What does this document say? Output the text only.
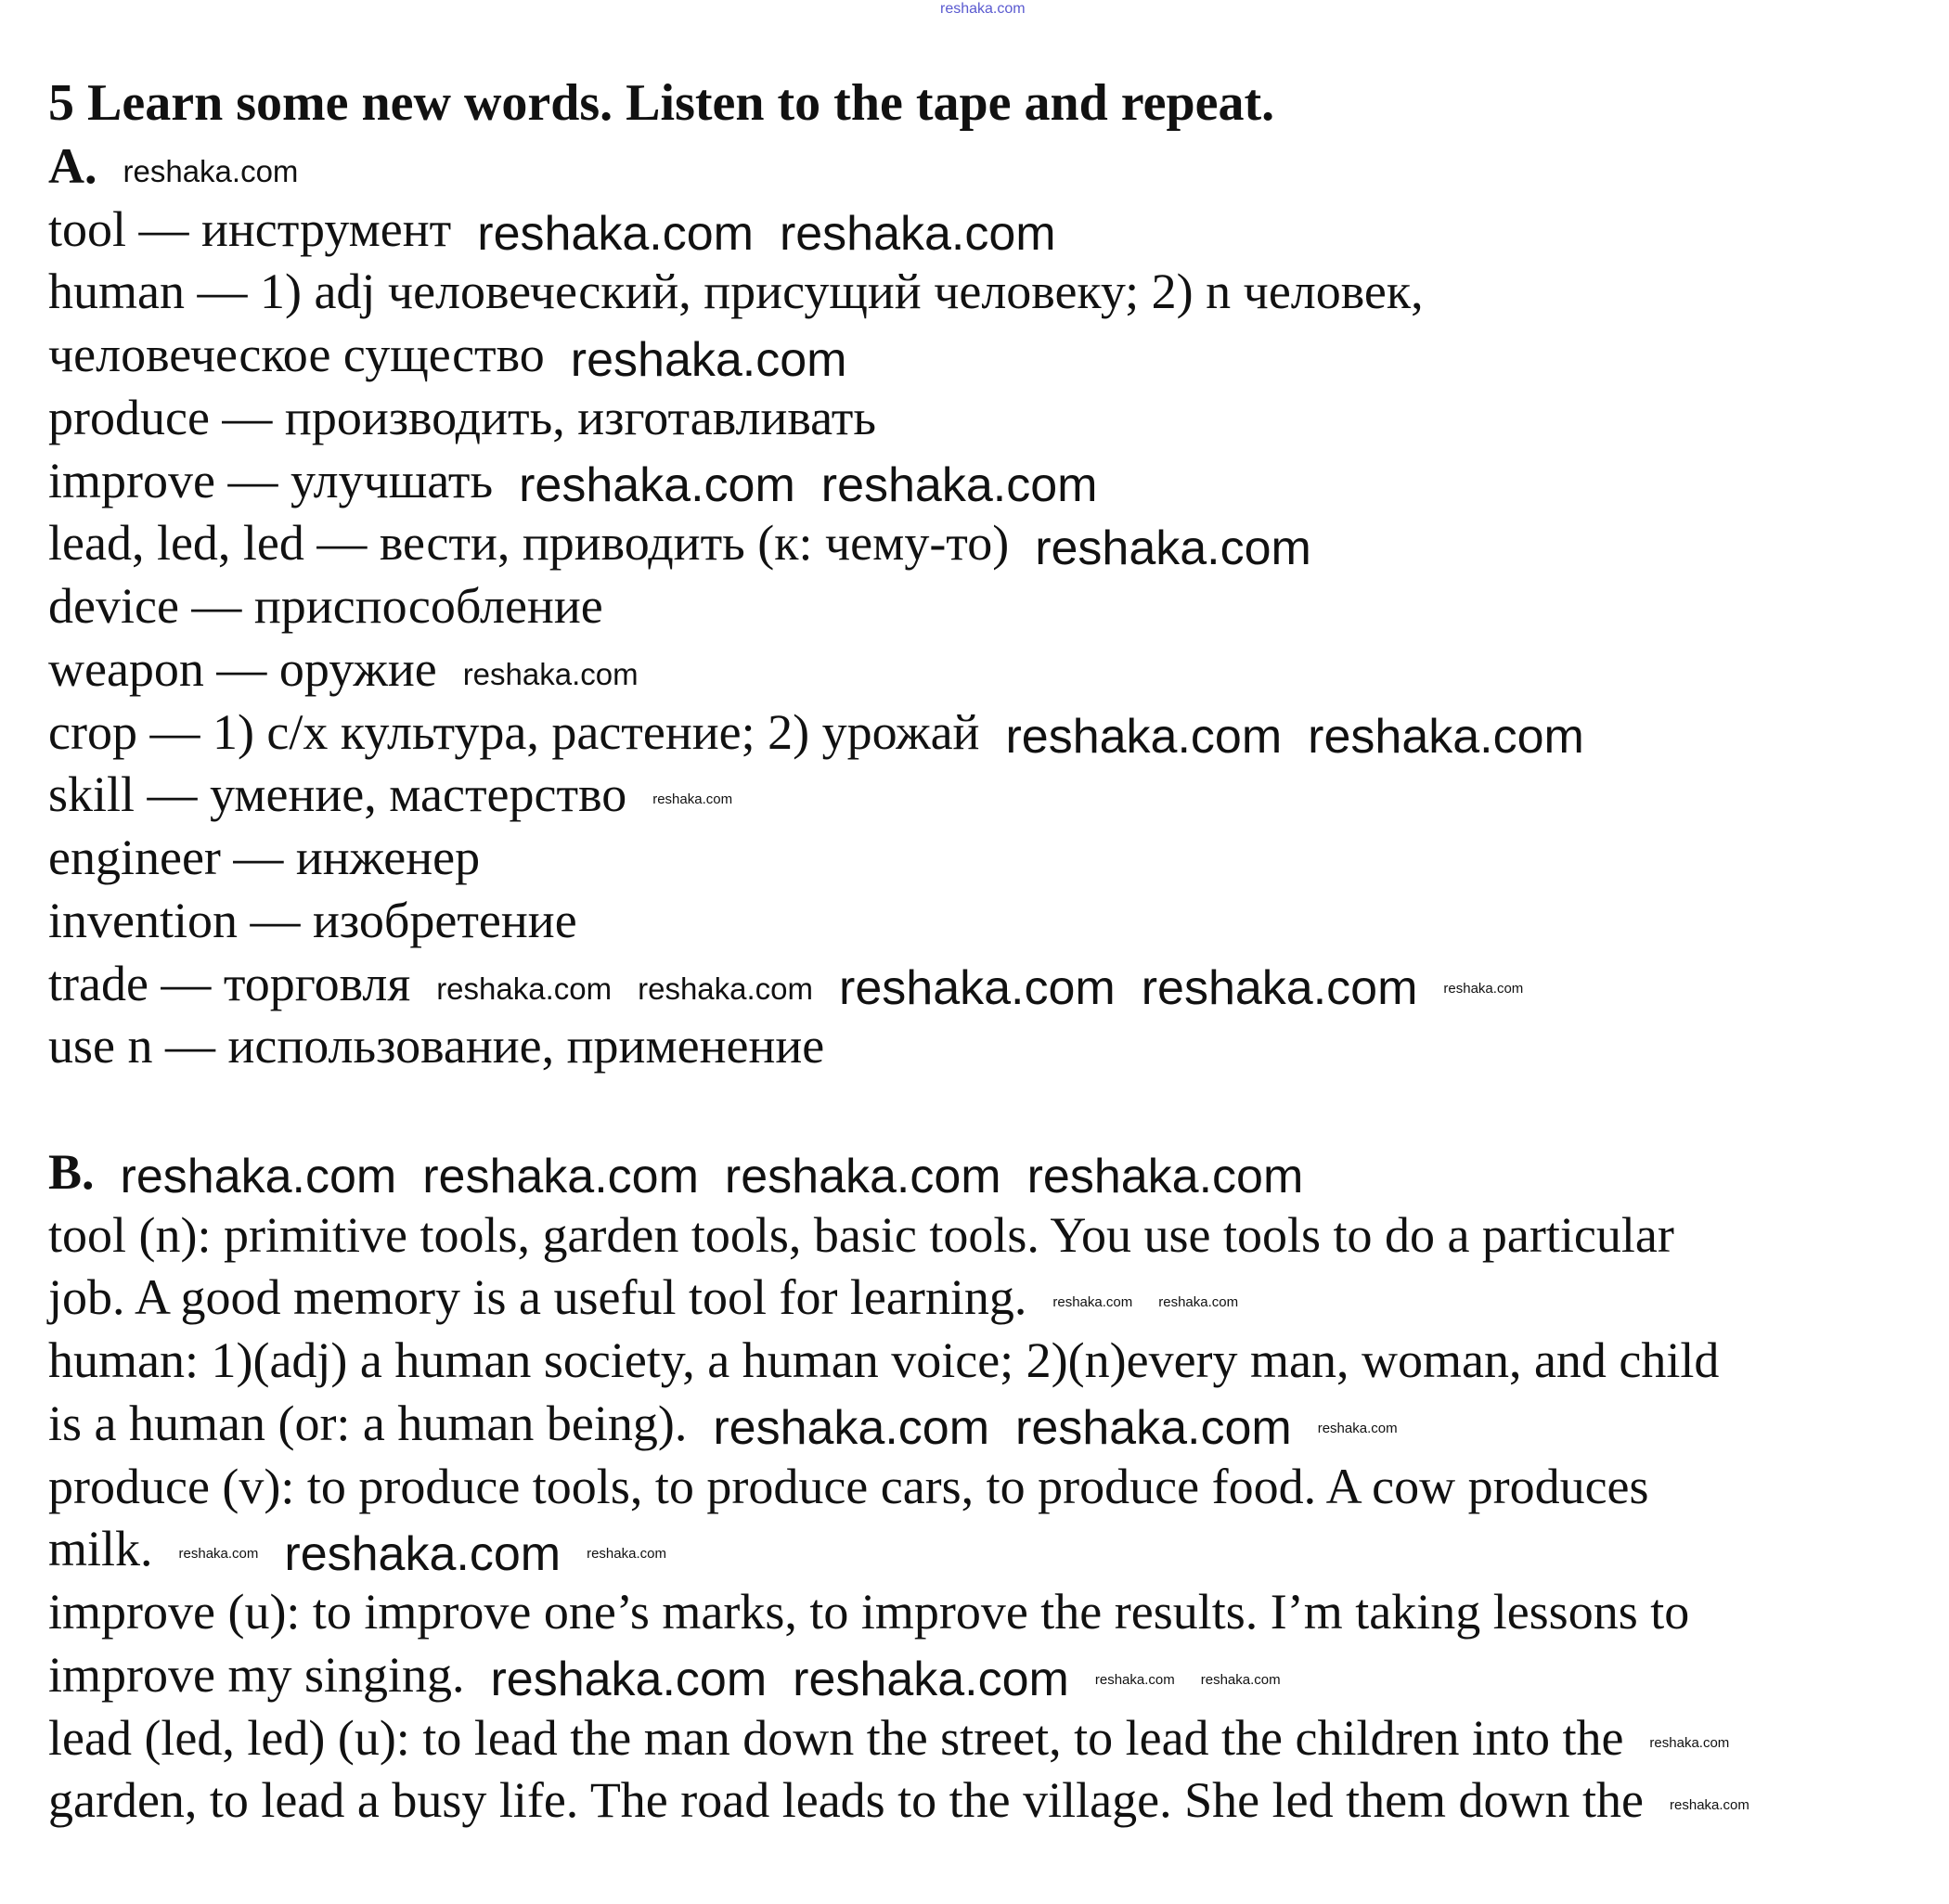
reshaka.com
5 Learn some new words. Listen to the tape and repeat.
A. reshaka.com
tool — инструмент reshaka.com reshaka.com
human — 1) adj человеческий, присущий человеку; 2) n человек,
человеческое существо reshaka.com
produce — производить, изготавливать
improve — улучшать reshaka.com reshaka.com
lead, led, led — вести, приводить (к: чему-то) reshaka.com
device — приспособление
weapon — оружие reshaka.com
crop — 1) с/х культура, растение; 2) урожай reshaka.com reshaka.com
skill — умение, мастерство reshaka.com
engineer — инженер
invention — изобретение
trade — торговля reshaka.com reshaka.com reshaka.com reshaka.com reshaka.com
use n — использование, применение
B. reshaka.com reshaka.com reshaka.com reshaka.com
tool (n): primitive tools, garden tools, basic tools. You use tools to do a particular
job. A good memory is a useful tool for learning. reshaka.com reshaka.com
human: 1)(adj) a human society, a human voice; 2)(n)every man, woman, and child
is a human (or: a human being). reshaka.com reshaka.com reshaka.com
produce (v): to produce tools, to produce cars, to produce food. A cow produces
milk. reshaka.com reshaka.com reshaka.com
improve (u): to improve one’s marks, to improve the results. I’m taking lessons to
improve my singing. reshaka.com reshaka.com reshaka.com reshaka.com
lead (led, led) (u): to lead the man down the street, to lead the children into the reshaka.com
garden, to lead a busy life. The road leads to the village. She led them down the reshaka.com
